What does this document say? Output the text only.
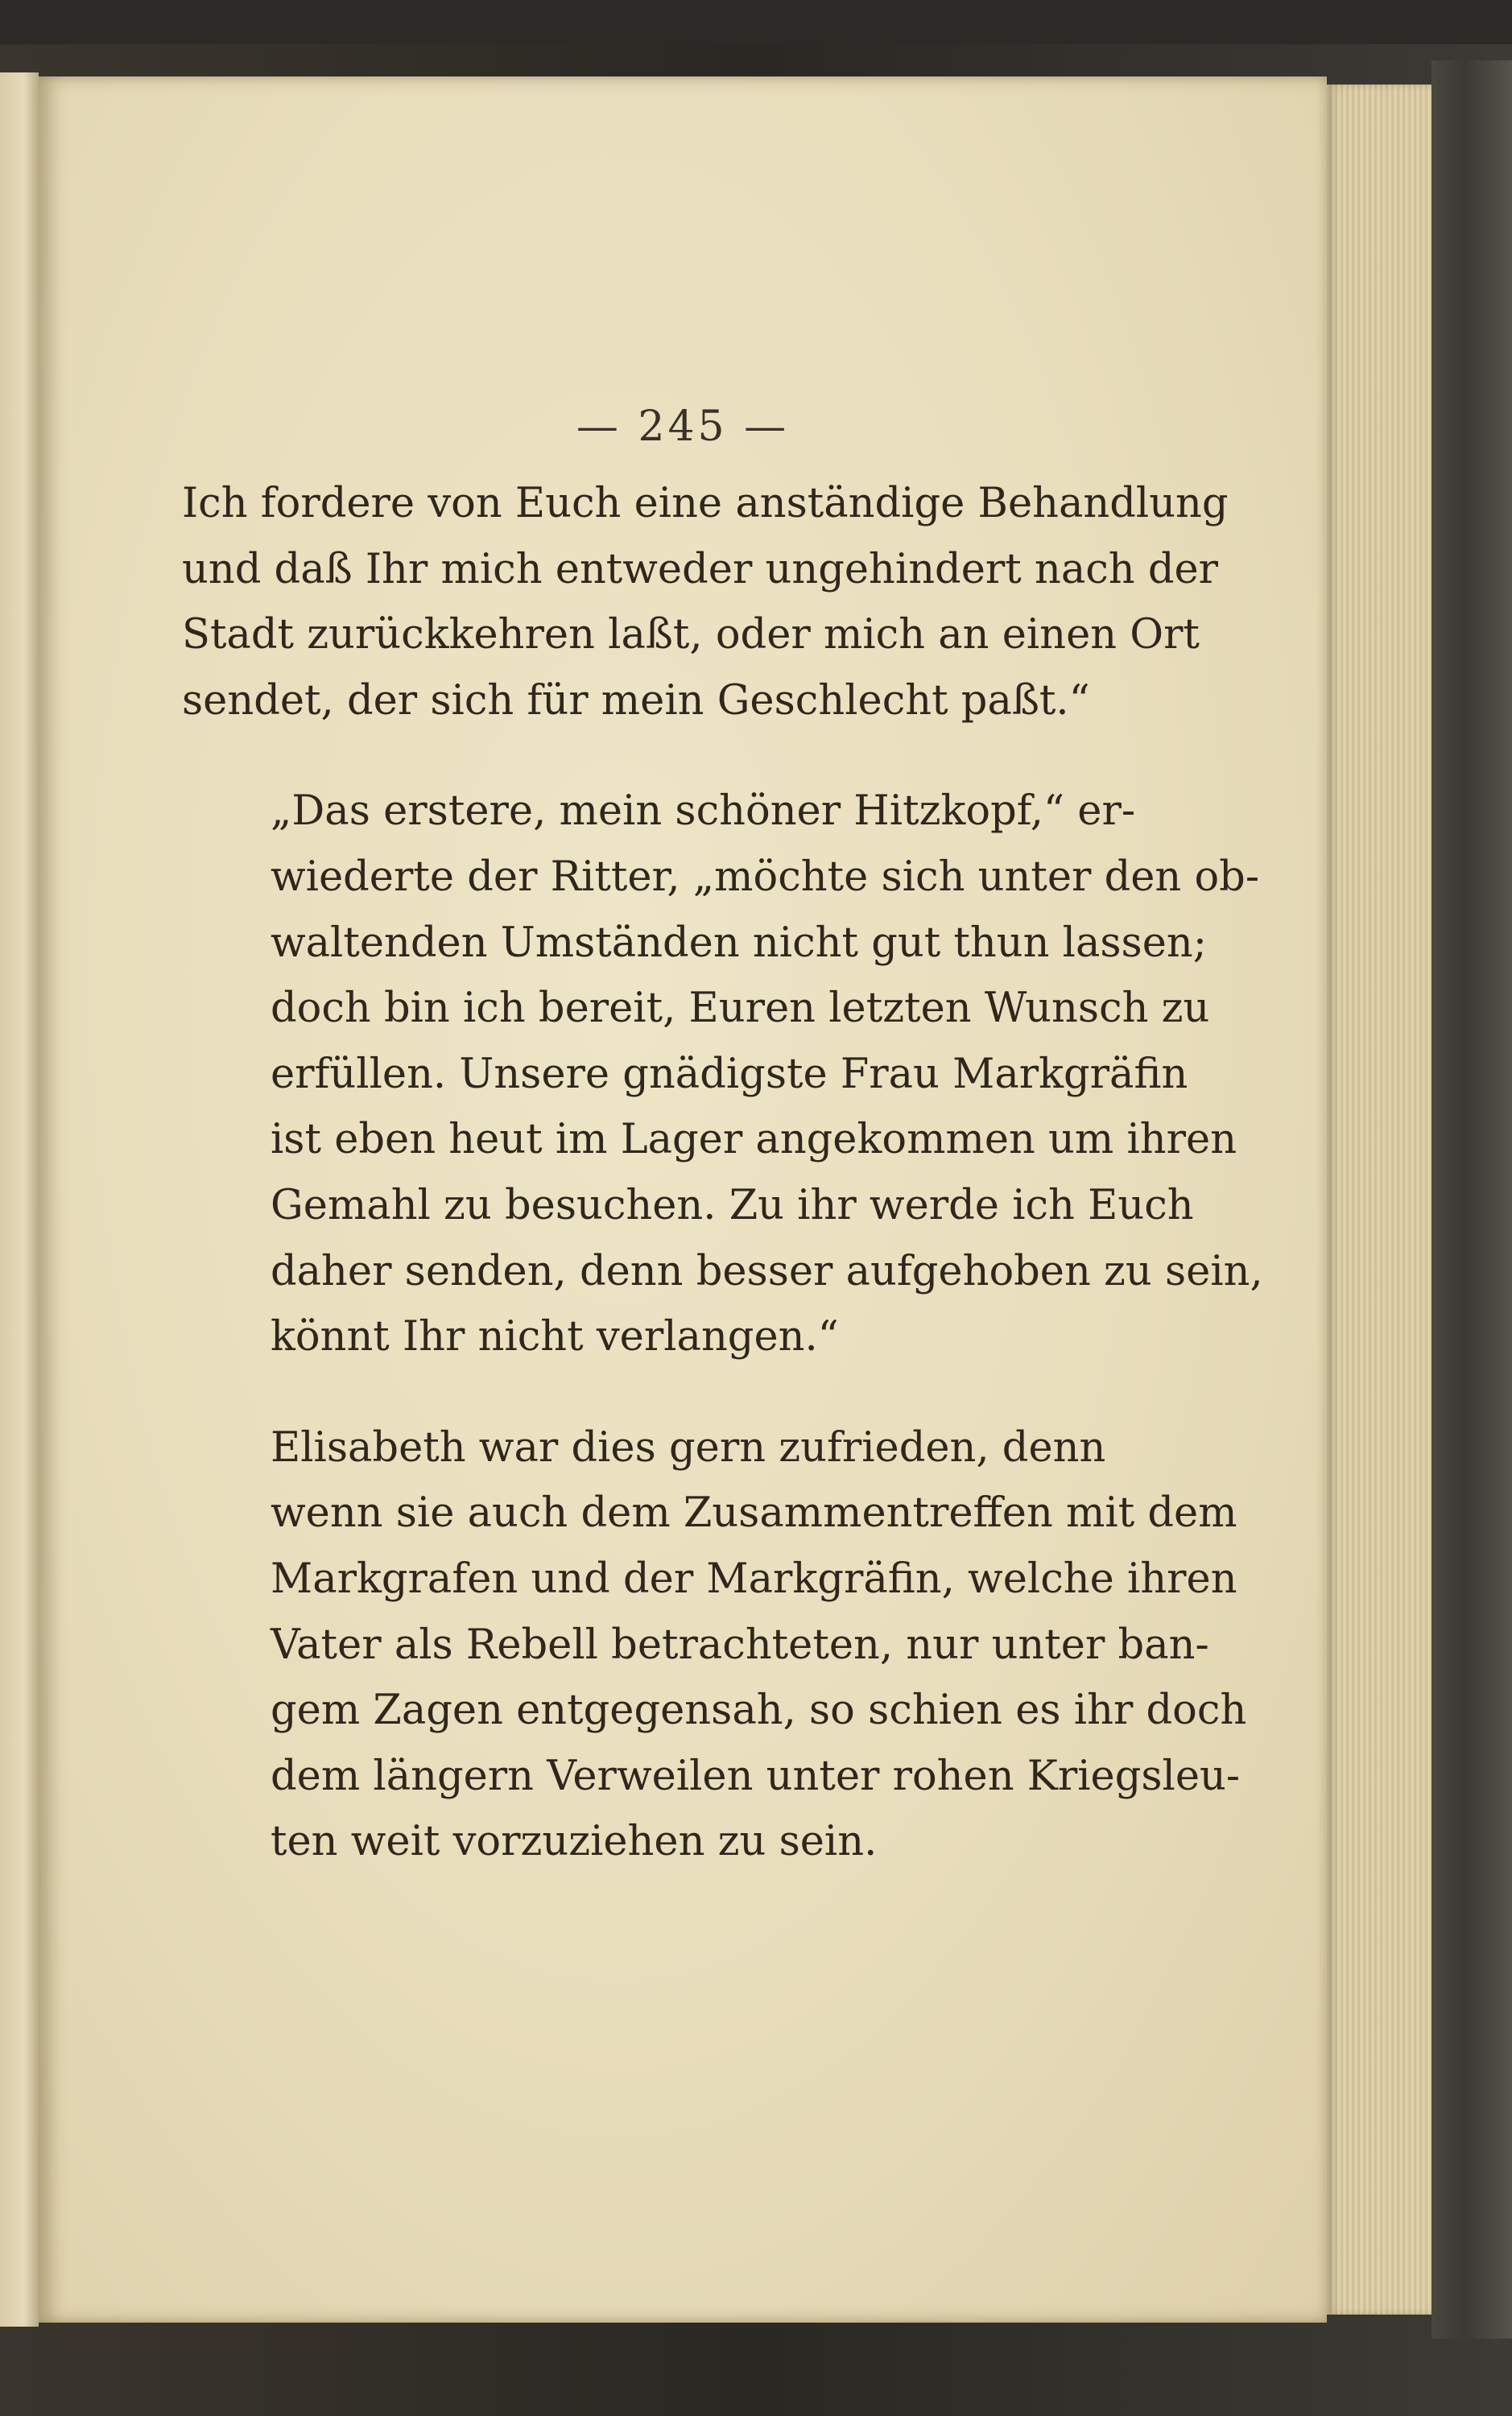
— 245 —

Ich fordere von Euch eine anständige Behandlung
und daß Ihr mich entweder ungehindert nach der
Stadt zurückkehren laßt, oder mich an einen Ort
sendet, der sich für mein Geschlecht paßt.“

„Das erstere, mein schöner Hitzkopf,“ er-
wiederte der Ritter, „möchte sich unter den ob-
waltenden Umständen nicht gut thun lassen;
doch bin ich bereit, Euren letzten Wunsch zu
erfüllen. Unsere gnädigste Frau Markgräfin
ist eben heut im Lager angekommen um ihren
Gemahl zu besuchen. Zu ihr werde ich Euch
daher senden, denn besser aufgehoben zu sein,
könnt Ihr nicht verlangen.“

Elisabeth war dies gern zufrieden, denn
wenn sie auch dem Zusammentreffen mit dem
Markgrafen und der Markgräfin, welche ihren
Vater als Rebell betrachteten, nur unter ban-
gem Zagen entgegensah, so schien es ihr doch
dem längern Verweilen unter rohen Kriegsleu-
ten weit vorzuziehen zu sein.
